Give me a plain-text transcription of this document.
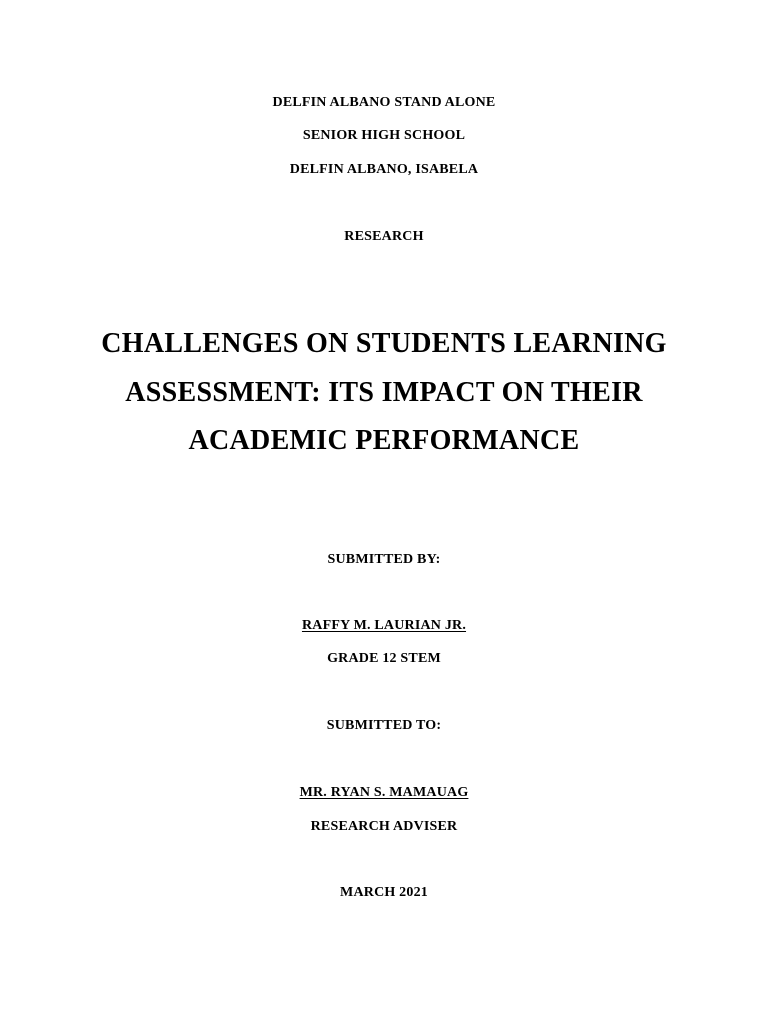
DELFIN ALBANO STAND ALONE
SENIOR HIGH SCHOOL
DELFIN ALBANO, ISABELA
RESEARCH
CHALLENGES ON STUDENTS LEARNING
ASSESSMENT: ITS IMPACT ON THEIR
ACADEMIC PERFORMANCE
SUBMITTED BY:
RAFFY M. LAURIAN JR.
GRADE 12 STEM
SUBMITTED TO:
MR. RYAN S. MAMAUAG
RESEARCH ADVISER
MARCH 2021
